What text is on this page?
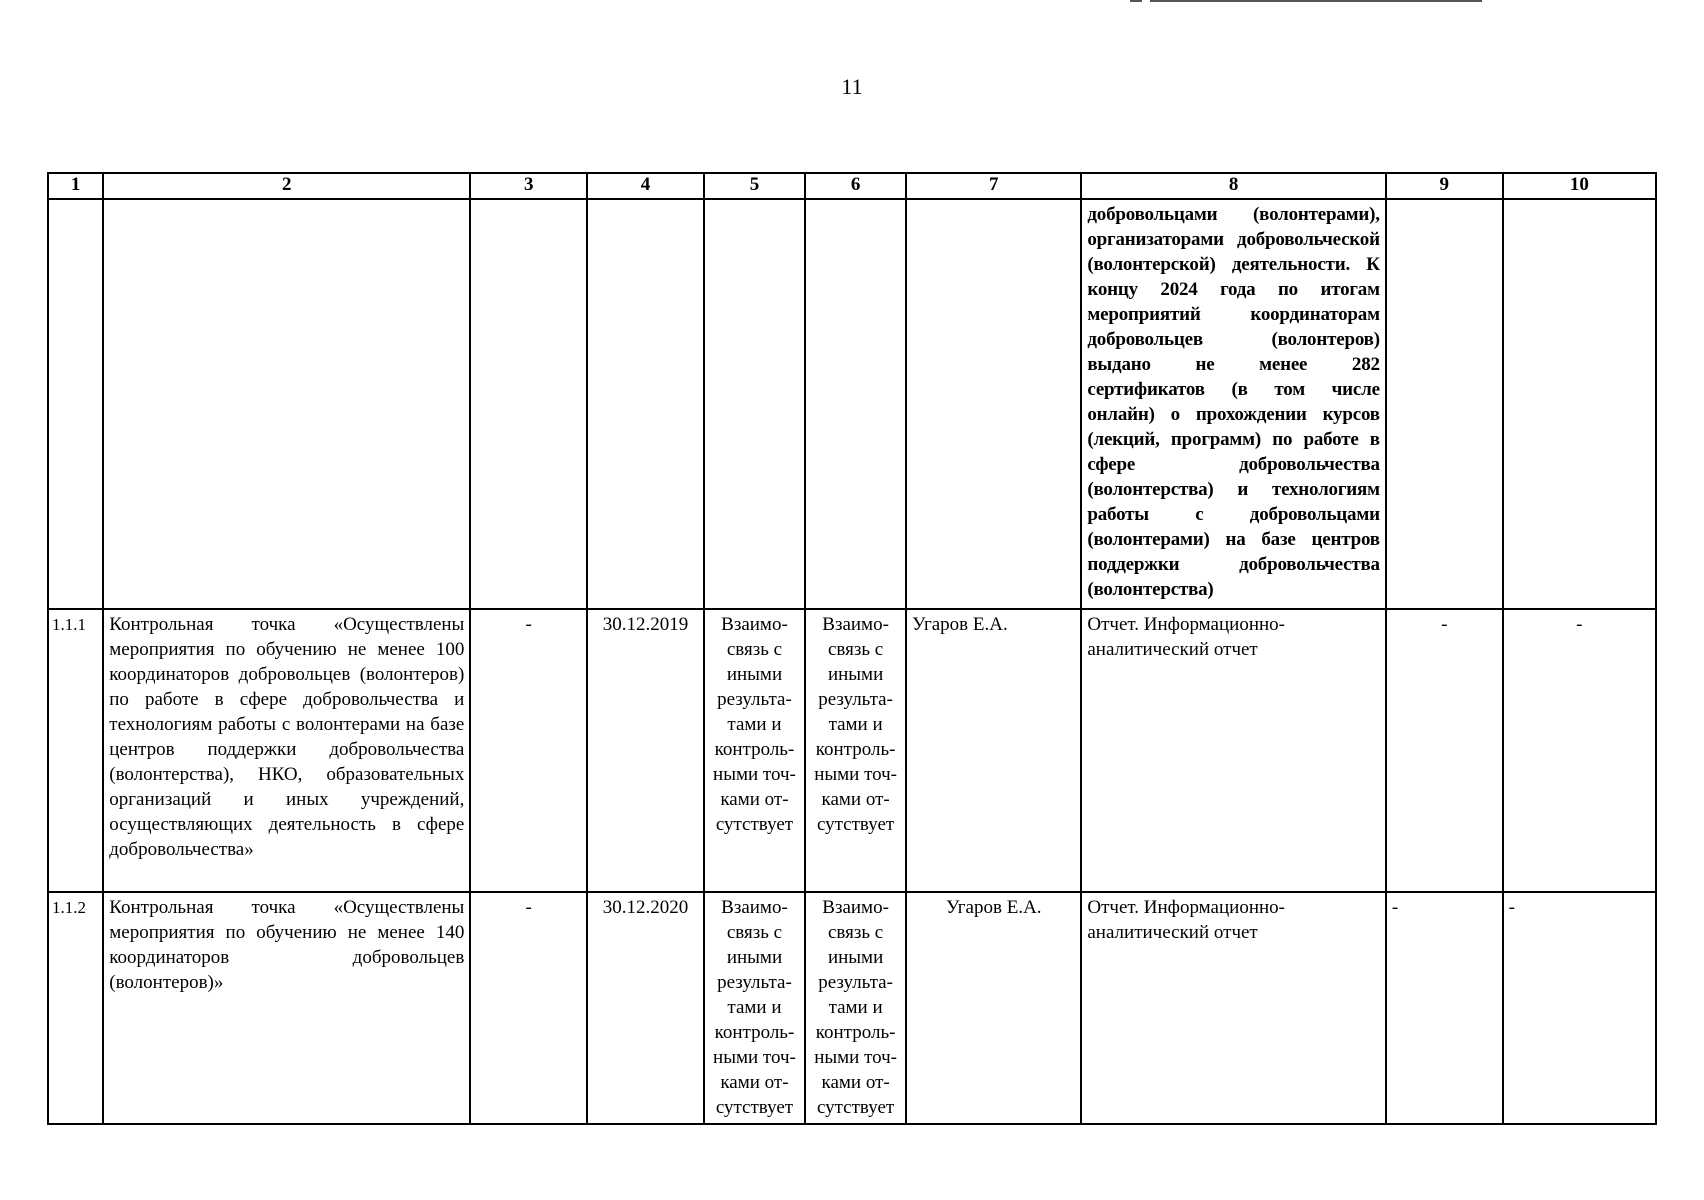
11
1	2	3	4	5	6	7	8	9	10
							добровольцами (волонтерами), организаторами добровольческой (волонтерской) деятельности. К концу 2024 года по итогам мероприятий координаторам добровольцев (волонтеров) выдано не менее 282 сертификатов (в том числе онлайн) о прохождении курсов (лекций, программ) по работе в сфере добровольчества (волонтерства) и технологиям работы с добровольцами (волонтерами) на базе центров поддержки добровольчества (волонтерства)		
1.1.1	Контрольная точка «Осуществлены мероприятия по обучению не менее 100 координаторов добровольцев (волонтеров) по работе в сфере добровольчества и технологиям работы с волонтерами на базе центров поддержки добровольчества (волонтерства), НКО, образовательных организаций и иных учреждений, осуществляющих деятельность в сфере добровольчества»	-	30.12.2019	Взаимо-связь с иными результа-тами и контроль-ными точ-ками от-сутствует	Взаимо-связь с иными результа-тами и контроль-ными точ-ками от-сутствует	Угаров Е.А.	Отчет. Информационно-аналитический отчет	-	-
1.1.2	Контрольная точка «Осуществлены мероприятия по обучению не менее 140 координаторов добровольцев (волонтеров)»	-	30.12.2020	Взаимо-связь с иными результа-тами и контроль-ными точ-ками от-сутствует	Взаимо-связь с иными результа-тами и контроль-ными точ-ками от-сутствует	Угаров Е.А.	Отчет. Информационно-аналитический отчет	-	-
